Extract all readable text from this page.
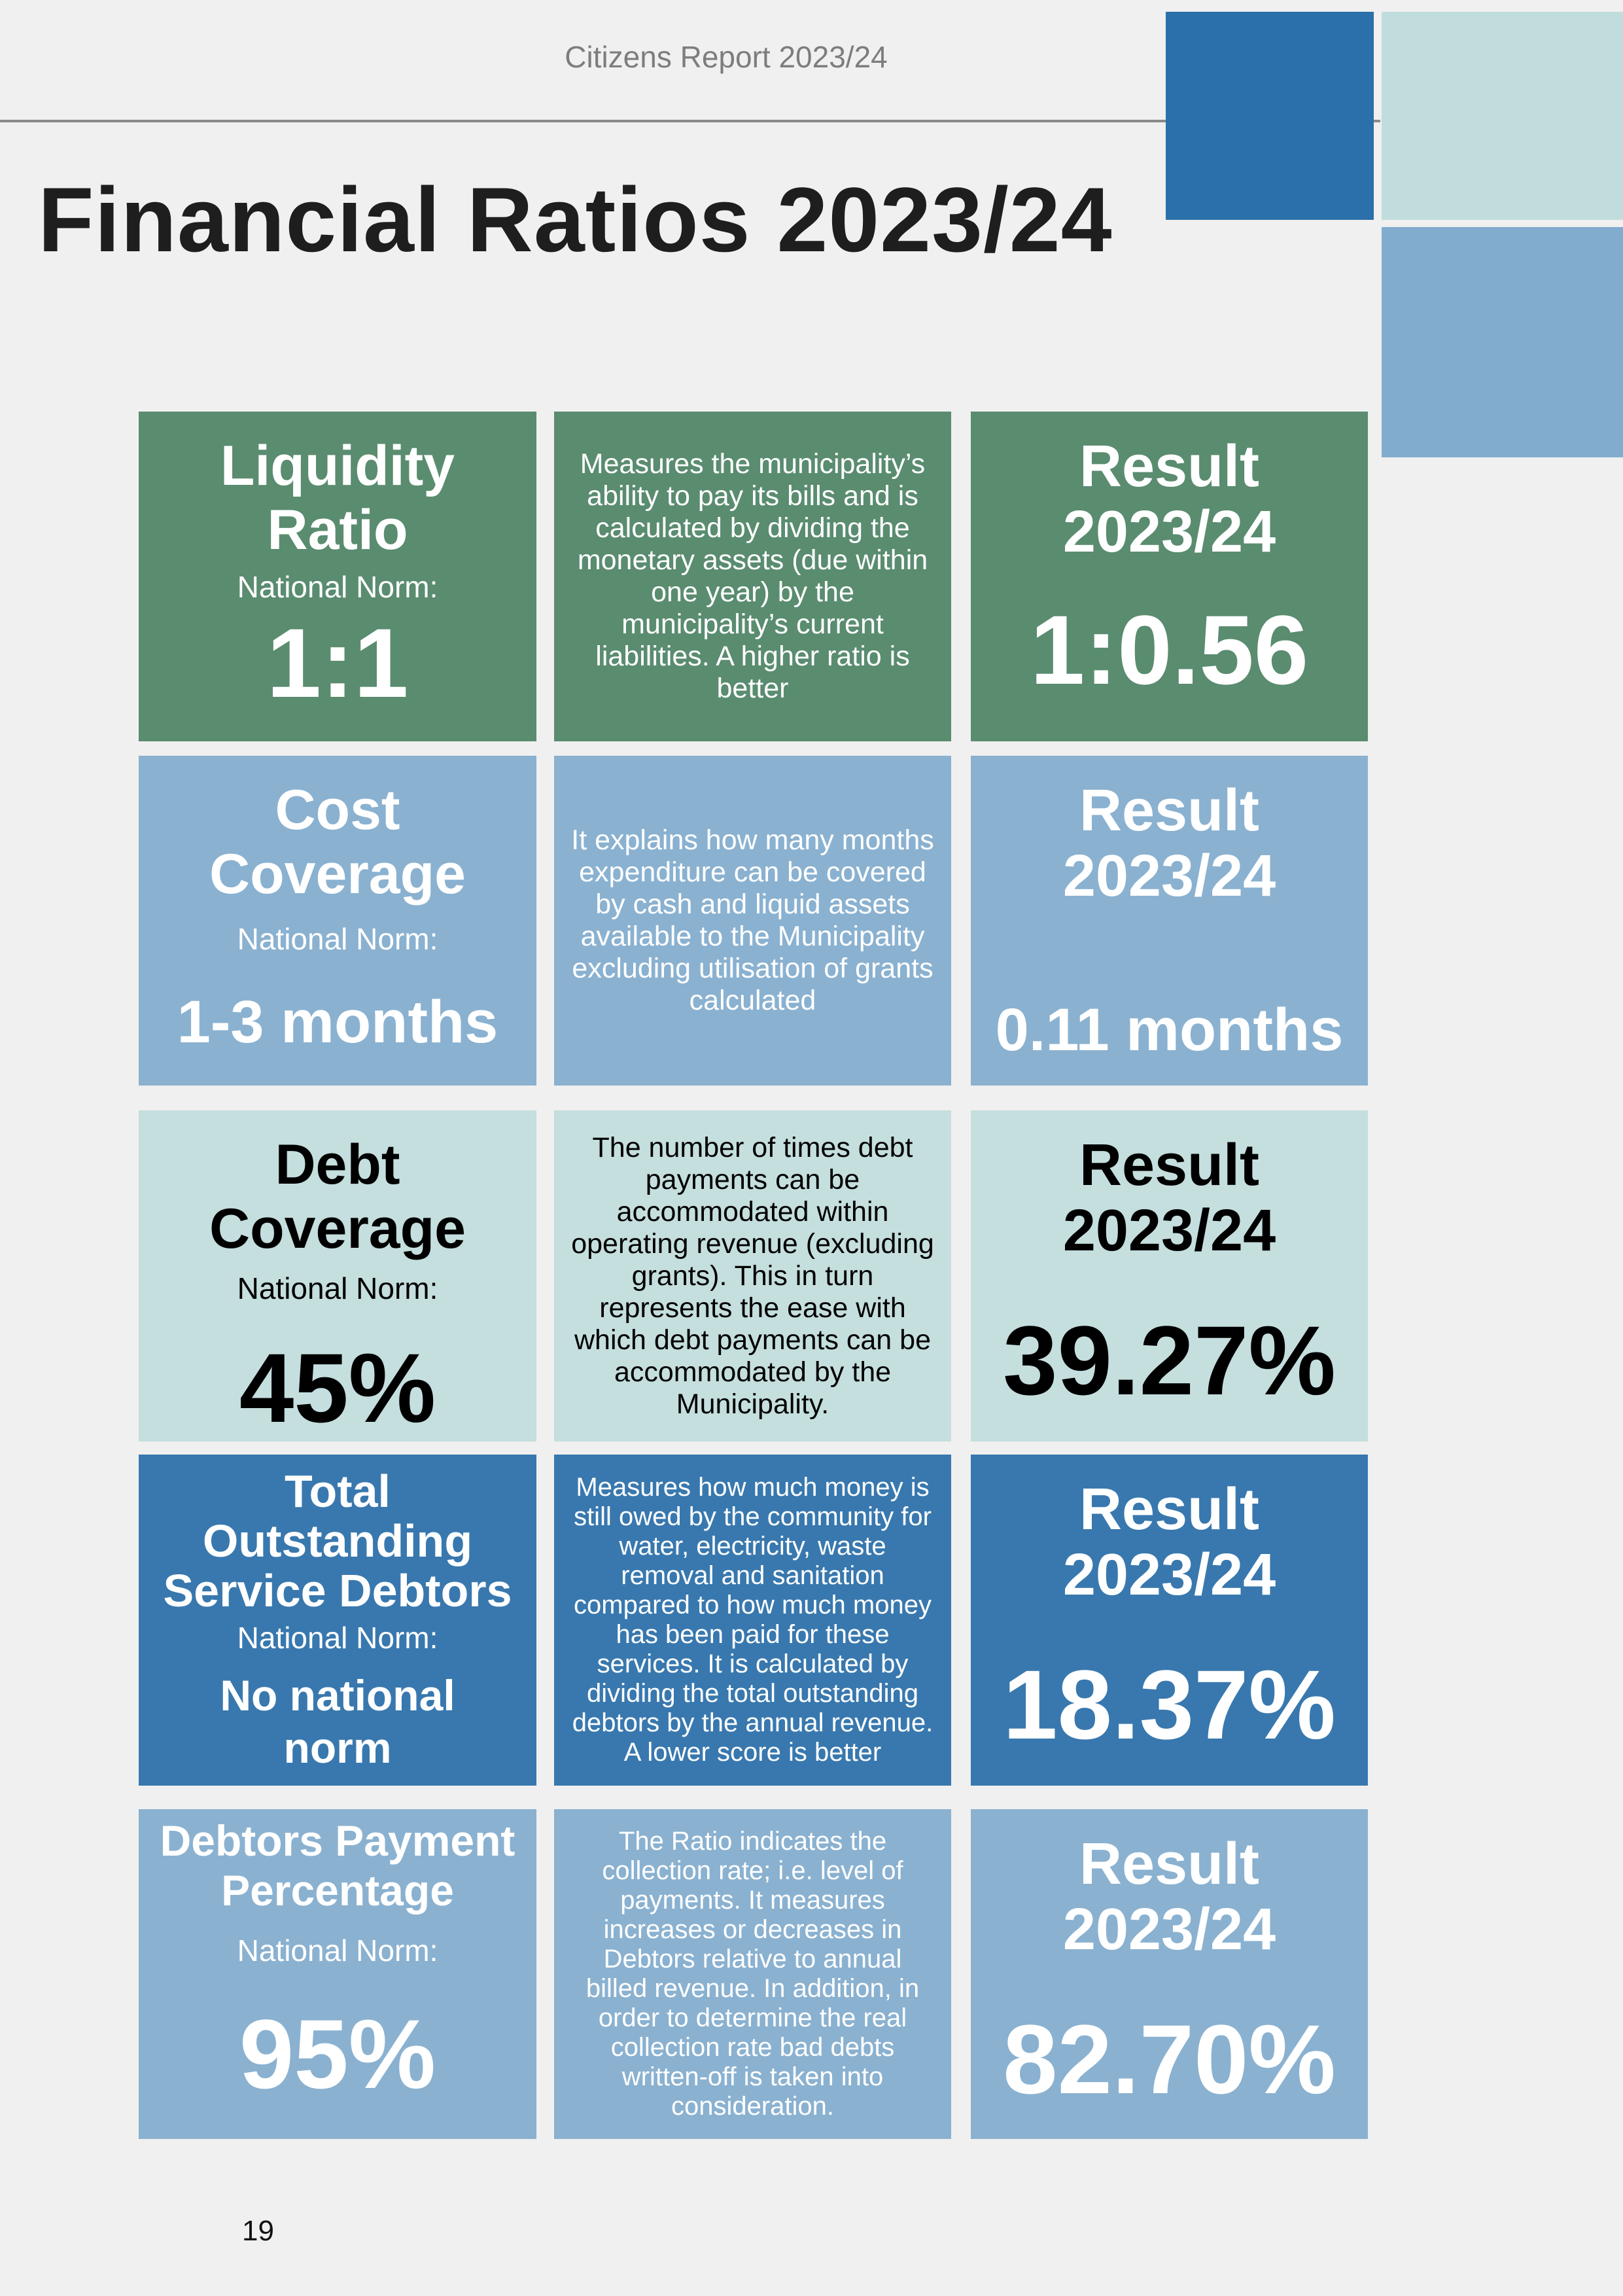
Citizens Report 2023/24
Financial Ratios 2023/24
Liquidity Ratio
National Norm:
1:1
Measures the municipality’s ability to pay its bills and is calculated by dividing the monetary assets (due within one year) by the municipality’s current liabilities. A higher ratio is better
Result 2023/24
1:0.56
Cost Coverage
National Norm:
1-3 months
It explains how many months expenditure can be covered by cash and liquid assets available to the Municipality excluding utilisation of grants calculated
Result 2023/24
0.11 months
Debt Coverage
National Norm:
45%
The number of times debt payments can be accommodated within operating revenue (excluding grants). This in turn represents the ease with which debt payments can be accommodated by the Municipality.
Result 2023/24
39.27%
Total Outstanding Service Debtors
National Norm:
No national norm
Measures how much money is still owed by the community for water, electricity, waste removal and sanitation compared to how much money has been paid for these services. It is calculated by dividing the total outstanding debtors by the annual revenue. A lower score is better
Result 2023/24
18.37%
Debtors Payment Percentage
National Norm:
95%
The Ratio indicates the collection rate; i.e. level of payments. It measures increases or decreases in Debtors relative to annual billed revenue. In addition, in order to determine the real collection rate bad debts written-off is taken into consideration.
Result 2023/24
82.70%
19
